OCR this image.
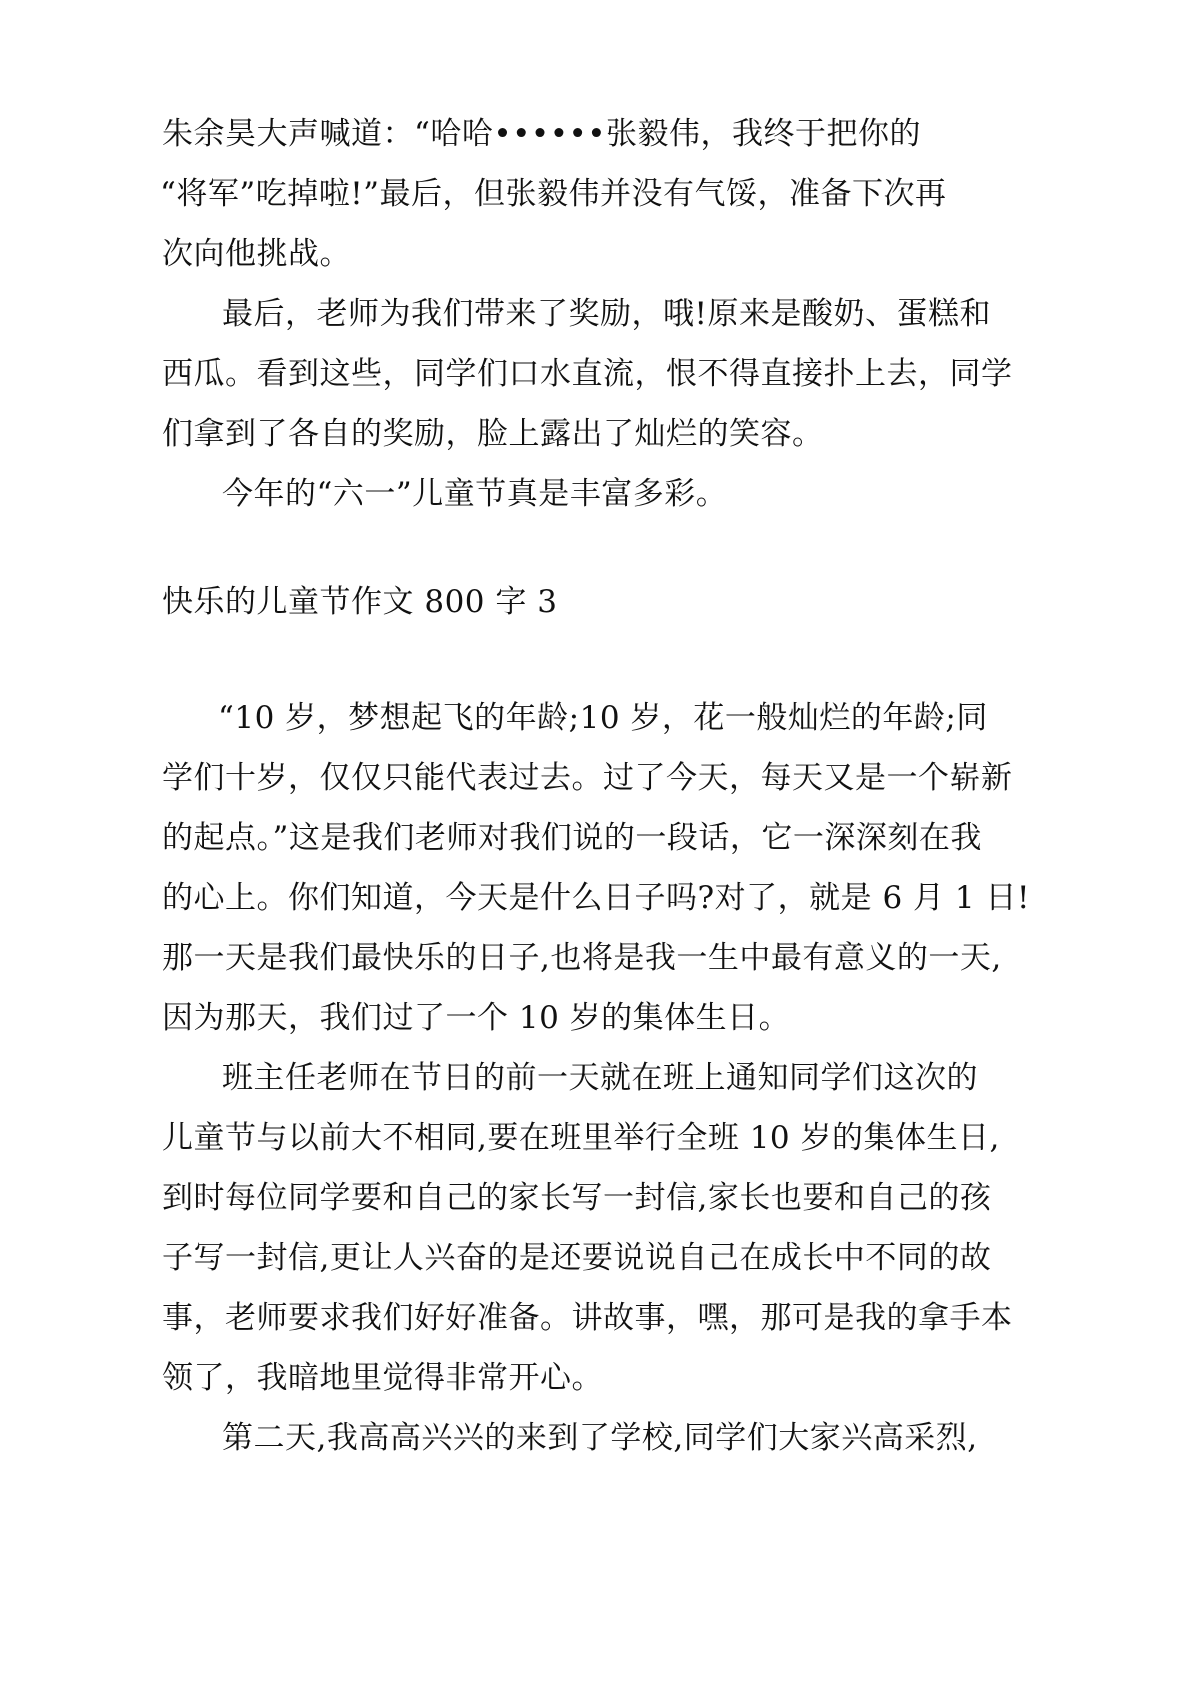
朱余昊大声喊道：“哈哈••••••张毅伟，我终于把你的
“将军”吃掉啦!”最后，但张毅伟并没有气馁，准备下次再
次向他挑战。
最后，老师为我们带来了奖励，哦!原来是酸奶、蛋糕和
西瓜。看到这些，同学们口水直流，恨不得直接扑上去，同学
们拿到了各自的奖励，脸上露出了灿烂的笑容。
今年的“六一”儿童节真是丰富多彩。
快乐的儿童节作文 800 字 3
“10 岁，梦想起飞的年龄;10 岁，花一般灿烂的年龄;同
学们十岁，仅仅只能代表过去。过了今天，每天又是一个崭新
的起点。”这是我们老师对我们说的一段话，它一深深刻在我
的心上。你们知道，今天是什么日子吗?对了，就是 6 月 1 日!
那一天是我们最快乐的日子,也将是我一生中最有意义的一天,
因为那天，我们过了一个 10 岁的集体生日。
班主任老师在节日的前一天就在班上通知同学们这次的
儿童节与以前大不相同,要在班里举行全班 10 岁的集体生日,
到时每位同学要和自己的家长写一封信,家长也要和自己的孩
子写一封信,更让人兴奋的是还要说说自己在成长中不同的故
事，老师要求我们好好准备。讲故事，嘿，那可是我的拿手本
领了，我暗地里觉得非常开心。
第二天,我高高兴兴的来到了学校,同学们大家兴高采烈,
